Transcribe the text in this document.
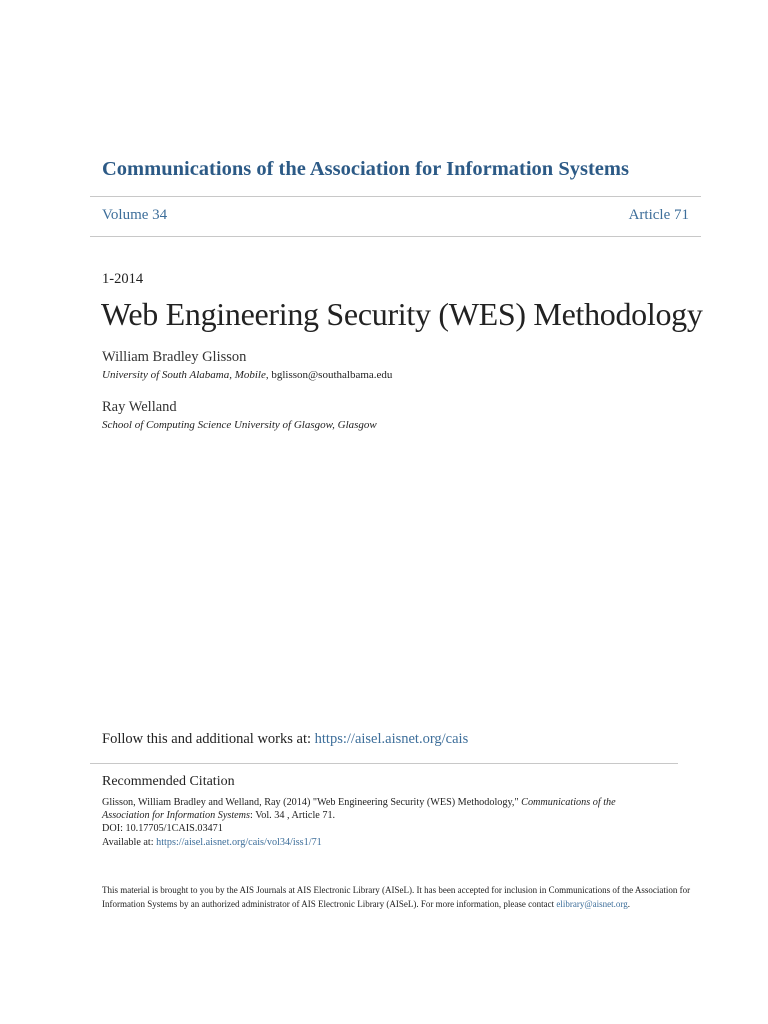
Communications of the Association for Information Systems
Volume 34	Article 71
1-2014
Web Engineering Security (WES) Methodology
William Bradley Glisson
University of South Alabama, Mobile, bglisson@southalbama.edu
Ray Welland
School of Computing Science University of Glasgow, Glasgow
Follow this and additional works at: https://aisel.aisnet.org/cais
Recommended Citation
Glisson, William Bradley and Welland, Ray (2014) "Web Engineering Security (WES) Methodology," Communications of the Association for Information Systems: Vol. 34 , Article 71.
DOI: 10.17705/1CAIS.03471
Available at: https://aisel.aisnet.org/cais/vol34/iss1/71
This material is brought to you by the AIS Journals at AIS Electronic Library (AISeL). It has been accepted for inclusion in Communications of the Association for Information Systems by an authorized administrator of AIS Electronic Library (AISeL). For more information, please contact elibrary@aisnet.org.
